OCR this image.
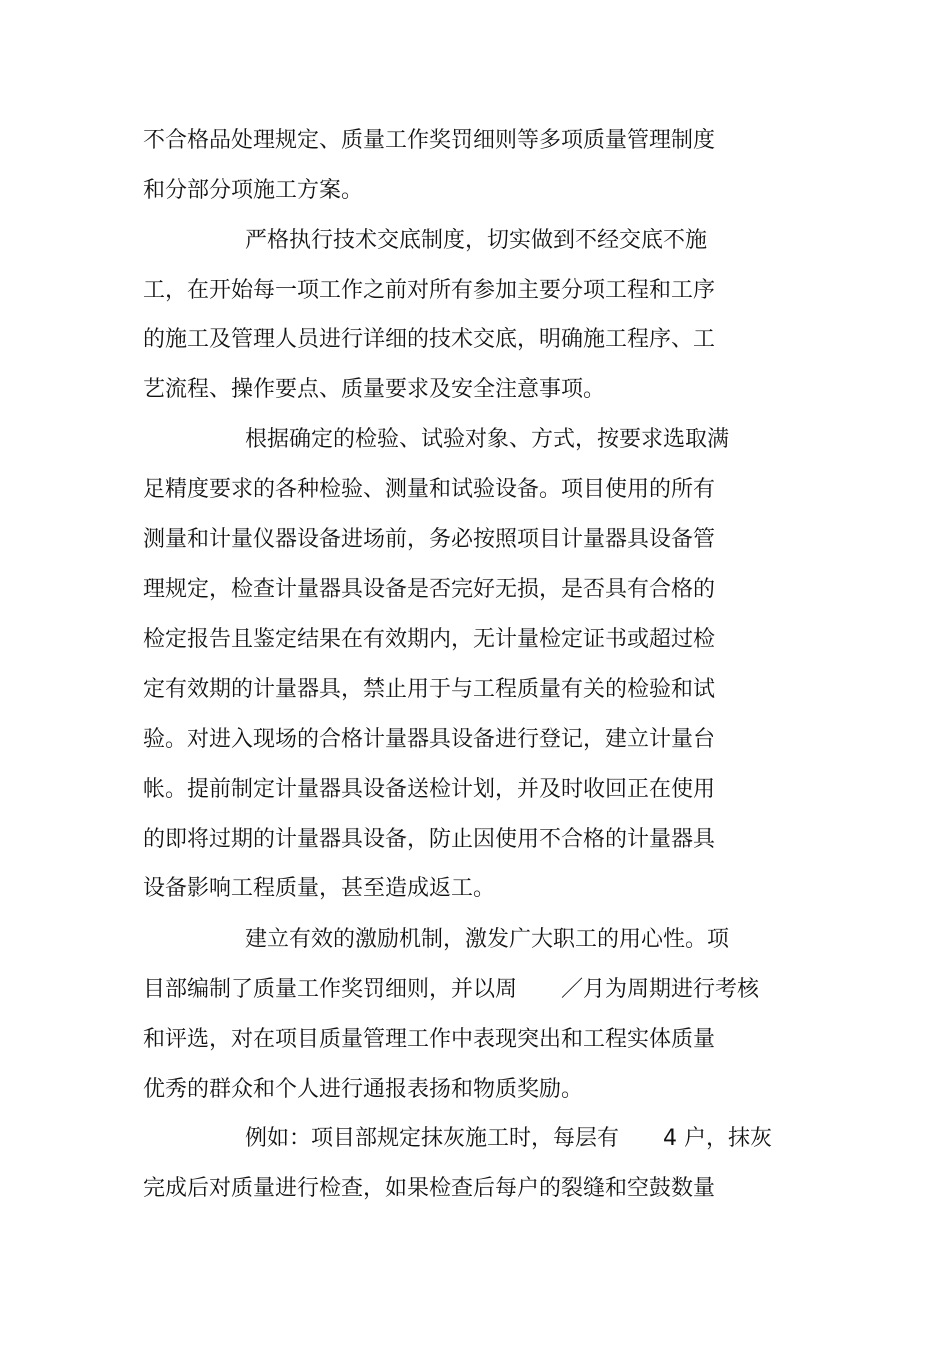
不合格品处理规定、质量工作奖罚细则等多项质量管理制度
和分部分项施工方案。
严格执行技术交底制度，切实做到不经交底不施
工，在开始每一项工作之前对所有参加主要分项工程和工序
的施工及管理人员进行详细的技术交底，明确施工程序、工
艺流程、操作要点、质量要求及安全注意事项。
根据确定的检验、试验对象、方式，按要求选取满
足精度要求的各种检验、测量和试验设备。项目使用的所有
测量和计量仪器设备进场前，务必按照项目计量器具设备管
理规定，检查计量器具设备是否完好无损，是否具有合格的
检定报告且鉴定结果在有效期内，无计量检定证书或超过检
定有效期的计量器具，禁止用于与工程质量有关的检验和试
验。对进入现场的合格计量器具设备进行登记，建立计量台
帐。提前制定计量器具设备送检计划，并及时收回正在使用
的即将过期的计量器具设备，防止因使用不合格的计量器具
设备影响工程质量，甚至造成返工。
建立有效的激励机制，激发广大职工的用心性。项
目部编制了质量工作奖罚细则，并以周　　／月为周期进行考核
和评选，对在项目质量管理工作中表现突出和工程实体质量
优秀的群众和个人进行通报表扬和物质奖励。
例如：项目部规定抹灰施工时，每层有　　4 户，抹灰
完成后对质量进行检查，如果检查后每户的裂缝和空鼓数量
